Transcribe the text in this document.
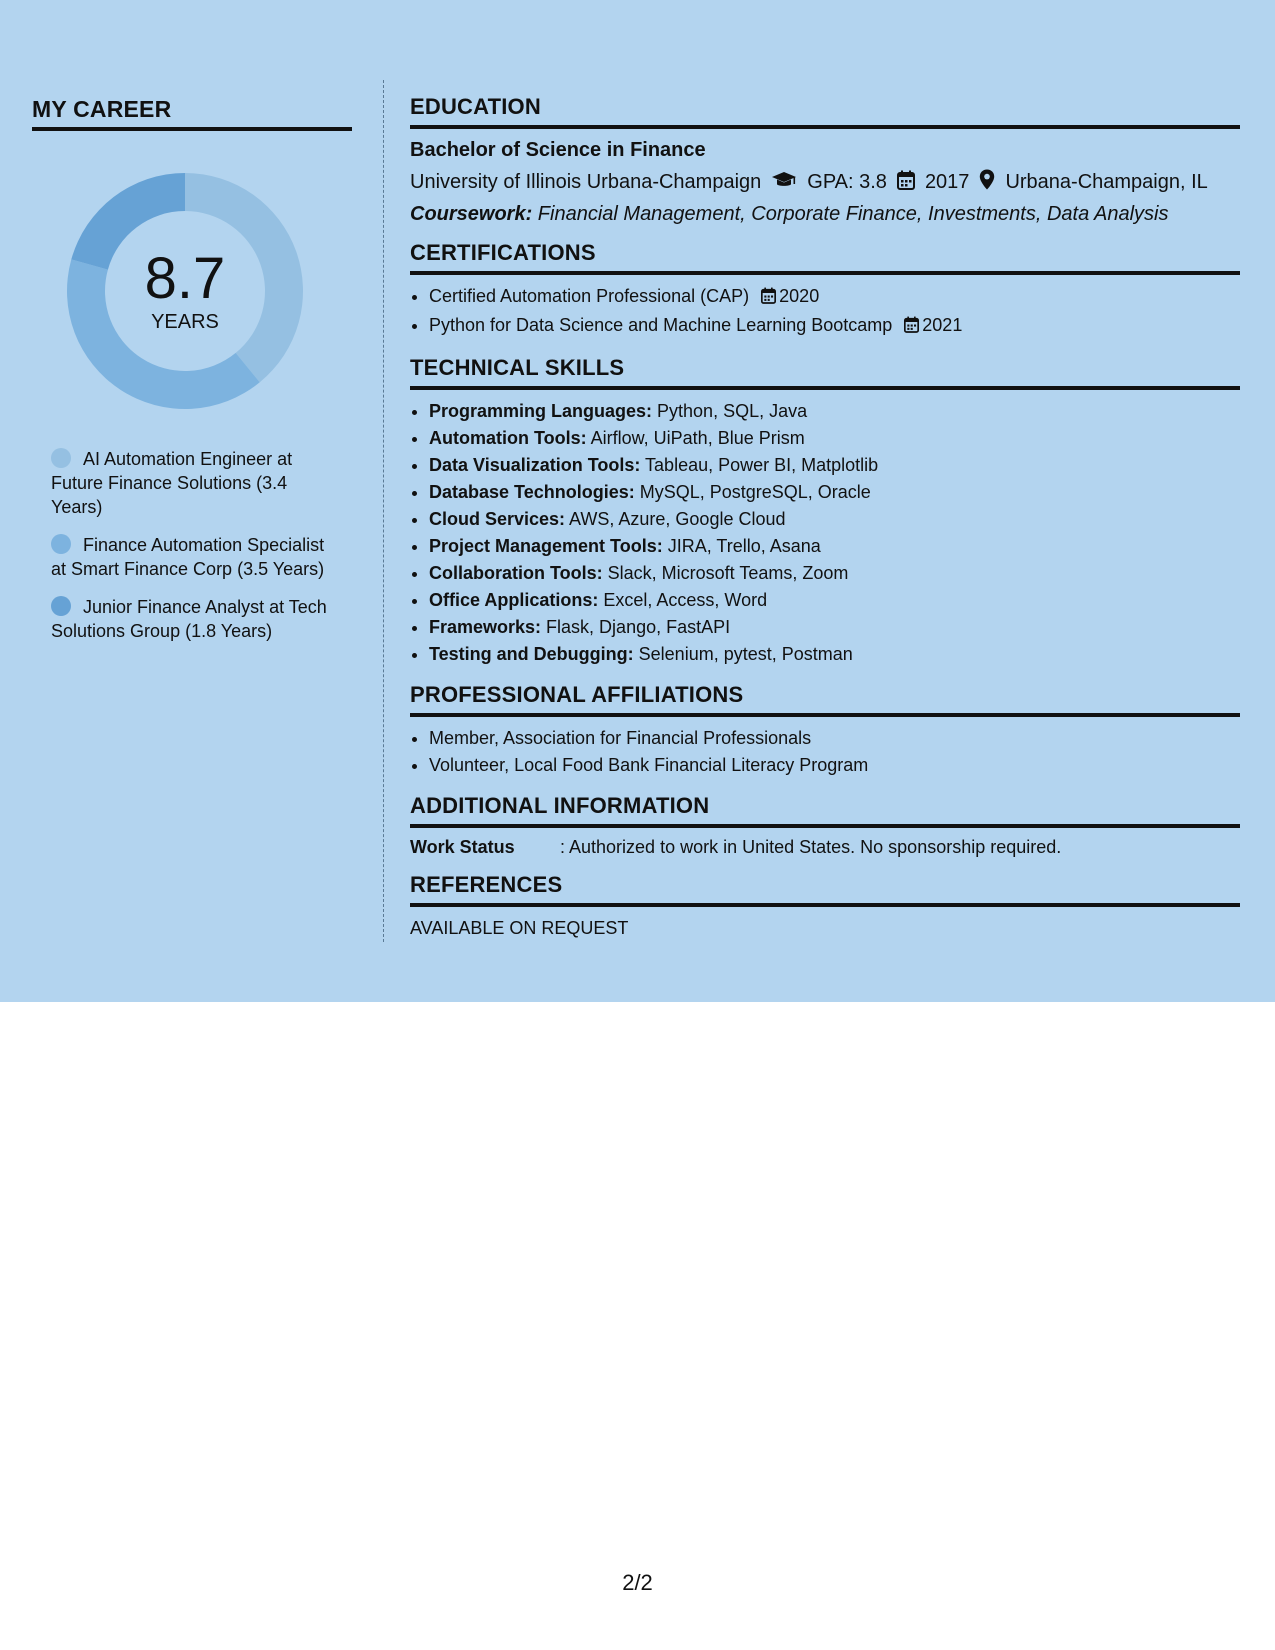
MY CAREER
8.7
YEARS
AI Automation Engineer at Future Finance Solutions (3.4 Years)
Finance Automation Specialist at Smart Finance Corp (3.5 Years)
Junior Finance Analyst at Tech Solutions Group (1.8 Years)
EDUCATION
Bachelor of Science in Finance
University of Illinois Urbana-Champaign GPA: 3.8 2017 Urbana-Champaign, IL
Coursework: Financial Management, Corporate Finance, Investments, Data Analysis
CERTIFICATIONS
• Certified Automation Professional (CAP) 2020
• Python for Data Science and Machine Learning Bootcamp 2021
TECHNICAL SKILLS
• Programming Languages: Python, SQL, Java
• Automation Tools: Airflow, UiPath, Blue Prism
• Data Visualization Tools: Tableau, Power BI, Matplotlib
• Database Technologies: MySQL, PostgreSQL, Oracle
• Cloud Services: AWS, Azure, Google Cloud
• Project Management Tools: JIRA, Trello, Asana
• Collaboration Tools: Slack, Microsoft Teams, Zoom
• Office Applications: Excel, Access, Word
• Frameworks: Flask, Django, FastAPI
• Testing and Debugging: Selenium, pytest, Postman
PROFESSIONAL AFFILIATIONS
• Member, Association for Financial Professionals
• Volunteer, Local Food Bank Financial Literacy Program
ADDITIONAL INFORMATION
Work Status	: Authorized to work in United States. No sponsorship required.
REFERENCES
AVAILABLE ON REQUEST
2/2
